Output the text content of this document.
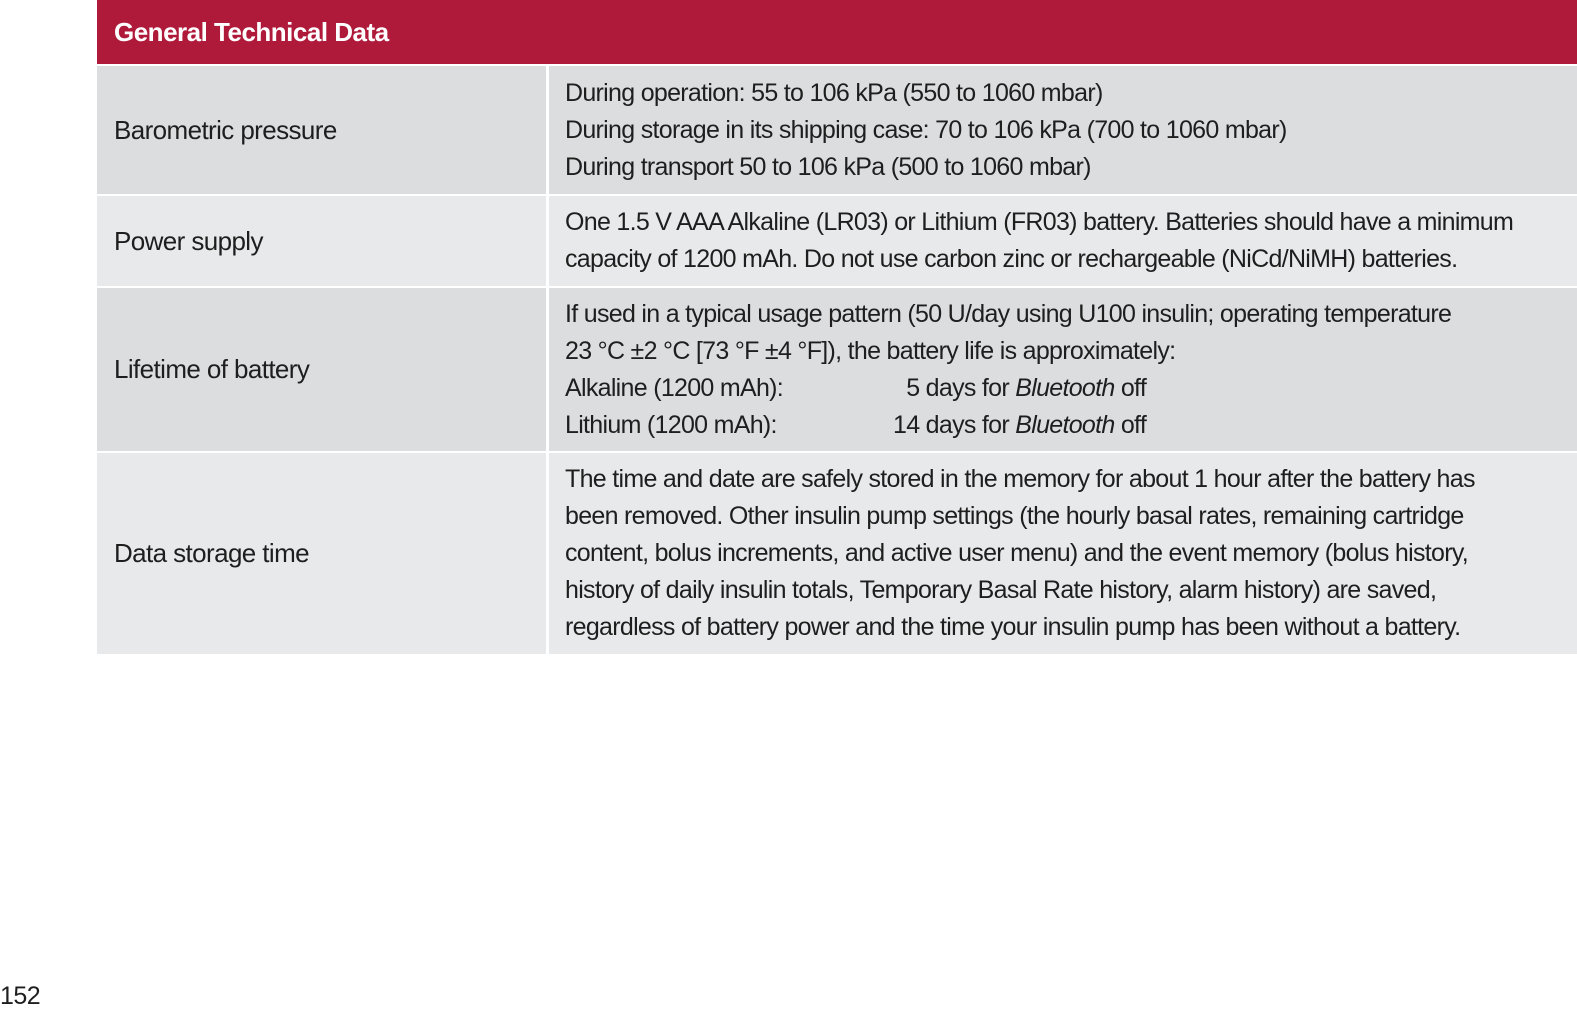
General Technical Data
Barometric pressure
During operation: 55 to 106 kPa (550 to 1060 mbar)
During storage in its shipping case: 70 to 106 kPa (700 to 1060 mbar)
During transport 50 to 106 kPa (500 to 1060 mbar)
Power supply
One 1.5 V AAA Alkaline (LR03) or Lithium (FR03) battery. Batteries should have a minimum
capacity of 1200 mAh. Do not use carbon zinc or rechargeable (NiCd/NiMH) batteries.
Lifetime of battery
If used in a typical usage pattern (50 U/day using U100 insulin; operating temperature
23 °C ±2 °C [73 °F ±4 °F]), the battery life is approximately:
Alkaline (1200 mAh):	5 days for
Bluetooth
off
Lithium (1200 mAh):	14 days for
Bluetooth
off
Data storage time
The time and date are safely stored in the memory for about 1 hour after the battery has
been removed. Other insulin pump settings (the hourly basal rates, remaining cartridge
content, bolus increments, and active user menu) and the event memory (bolus history,
history of daily insulin totals, Temporary Basal Rate history, alarm history) are saved,
regardless of battery power and the time your insulin pump has been without a battery.
152
